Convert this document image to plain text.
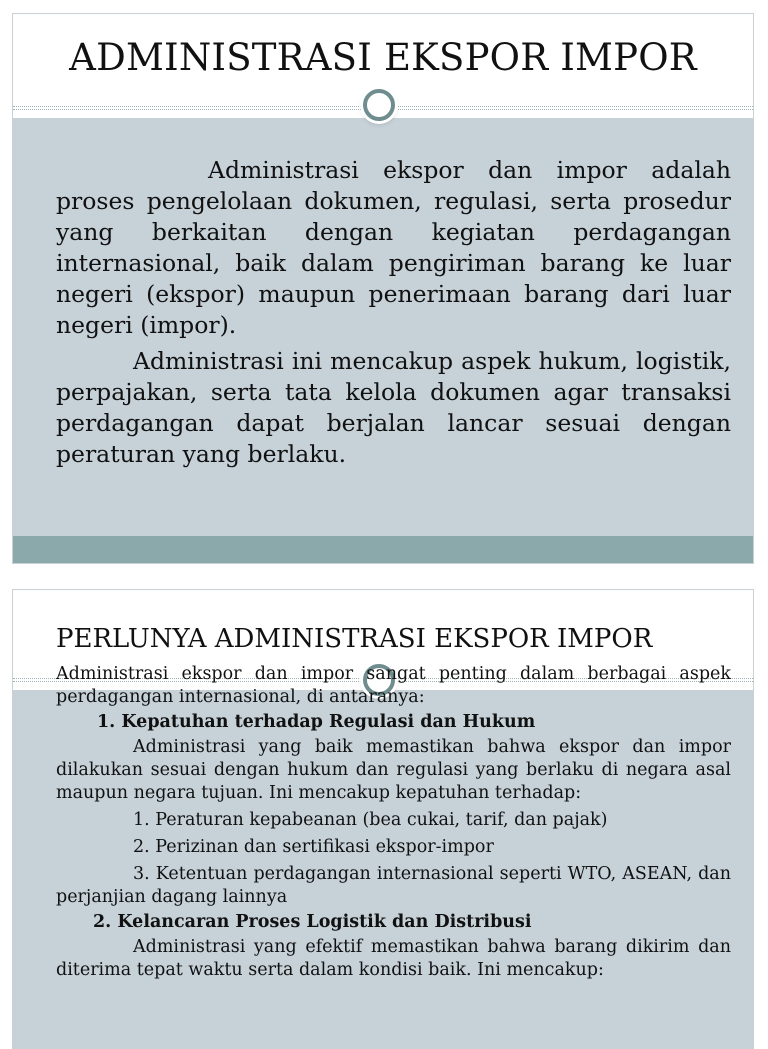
ADMINISTRASI EKSPOR IMPOR

Administrasi ekspor dan impor adalah proses pengelolaan dokumen, regulasi, serta prosedur yang berkaitan dengan kegiatan perdagangan internasional, baik dalam pengiriman barang ke luar negeri (ekspor) maupun penerimaan barang dari luar negeri (impor).

Administrasi ini mencakup aspek hukum, logistik, perpajakan, serta tata kelola dokumen agar transaksi perdagangan dapat berjalan lancar sesuai dengan peraturan yang berlaku.

PERLUNYA ADMINISTRASI EKSPOR IMPOR

Administrasi ekspor dan impor sangat penting dalam berbagai aspek perdagangan internasional, di antaranya:

1. Kepatuhan terhadap Regulasi dan Hukum

Administrasi yang baik memastikan bahwa ekspor dan impor dilakukan sesuai dengan hukum dan regulasi yang berlaku di negara asal maupun negara tujuan. Ini mencakup kepatuhan terhadap:

1. Peraturan kepabeanan (bea cukai, tarif, dan pajak)

2. Perizinan dan sertifikasi ekspor-impor

3. Ketentuan perdagangan internasional seperti WTO, ASEAN, dan perjanjian dagang lainnya

2. Kelancaran Proses Logistik dan Distribusi

Administrasi yang efektif memastikan bahwa barang dikirim dan diterima tepat waktu serta dalam kondisi baik. Ini mencakup:
